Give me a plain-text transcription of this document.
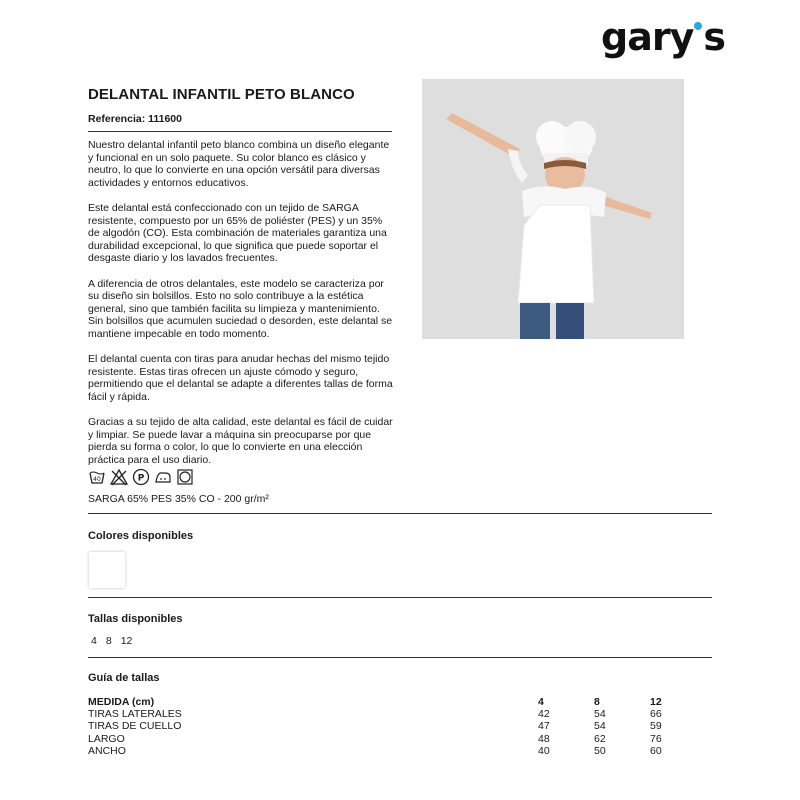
gary s
DELANTAL INFANTIL PETO BLANCO
Referencia: 111600

Nuestro delantal infantil peto blanco combina un diseño elegante y funcional en un solo paquete. Su color blanco es clásico y neutro, lo que lo convierte en una opción versátil para diversas actividades y entornos educativos.

Este delantal está confeccionado con un tejido de SARGA resistente, compuesto por un 65% de poliéster (PES) y un 35% de algodón (CO). Esta combinación de materiales garantiza una durabilidad excepcional, lo que significa que puede soportar el desgaste diario y los lavados frecuentes.

A diferencia de otros delantales, este modelo se caracteriza por su diseño sin bolsillos. Esto no solo contribuye a la estética general, sino que también facilita su limpieza y mantenimiento. Sin bolsillos que acumulen suciedad o desorden, este delantal se mantiene impecable en todo momento.

El delantal cuenta con tiras para anudar hechas del mismo tejido resistente. Estas tiras ofrecen un ajuste cómodo y seguro, permitiendo que el delantal se adapte a diferentes tallas de forma fácil y rápida.

Gracias a su tejido de alta calidad, este delantal es fácil de cuidar y limpiar. Se puede lavar a máquina sin preocuparse por que pierda su forma o color, lo que lo convierte en una elección práctica para el uso diario.

40	P
SARGA 65% PES 35% CO - 200 gr/m²
Colores disponibles
Tallas disponibles
4 8 12
Guía de tallas
MEDIDA (cm)	4	8	12
TIRAS LATERALES	42	54	66
TIRAS DE CUELLO	47	54	59
LARGO	48	62	76
ANCHO	40	50	60
